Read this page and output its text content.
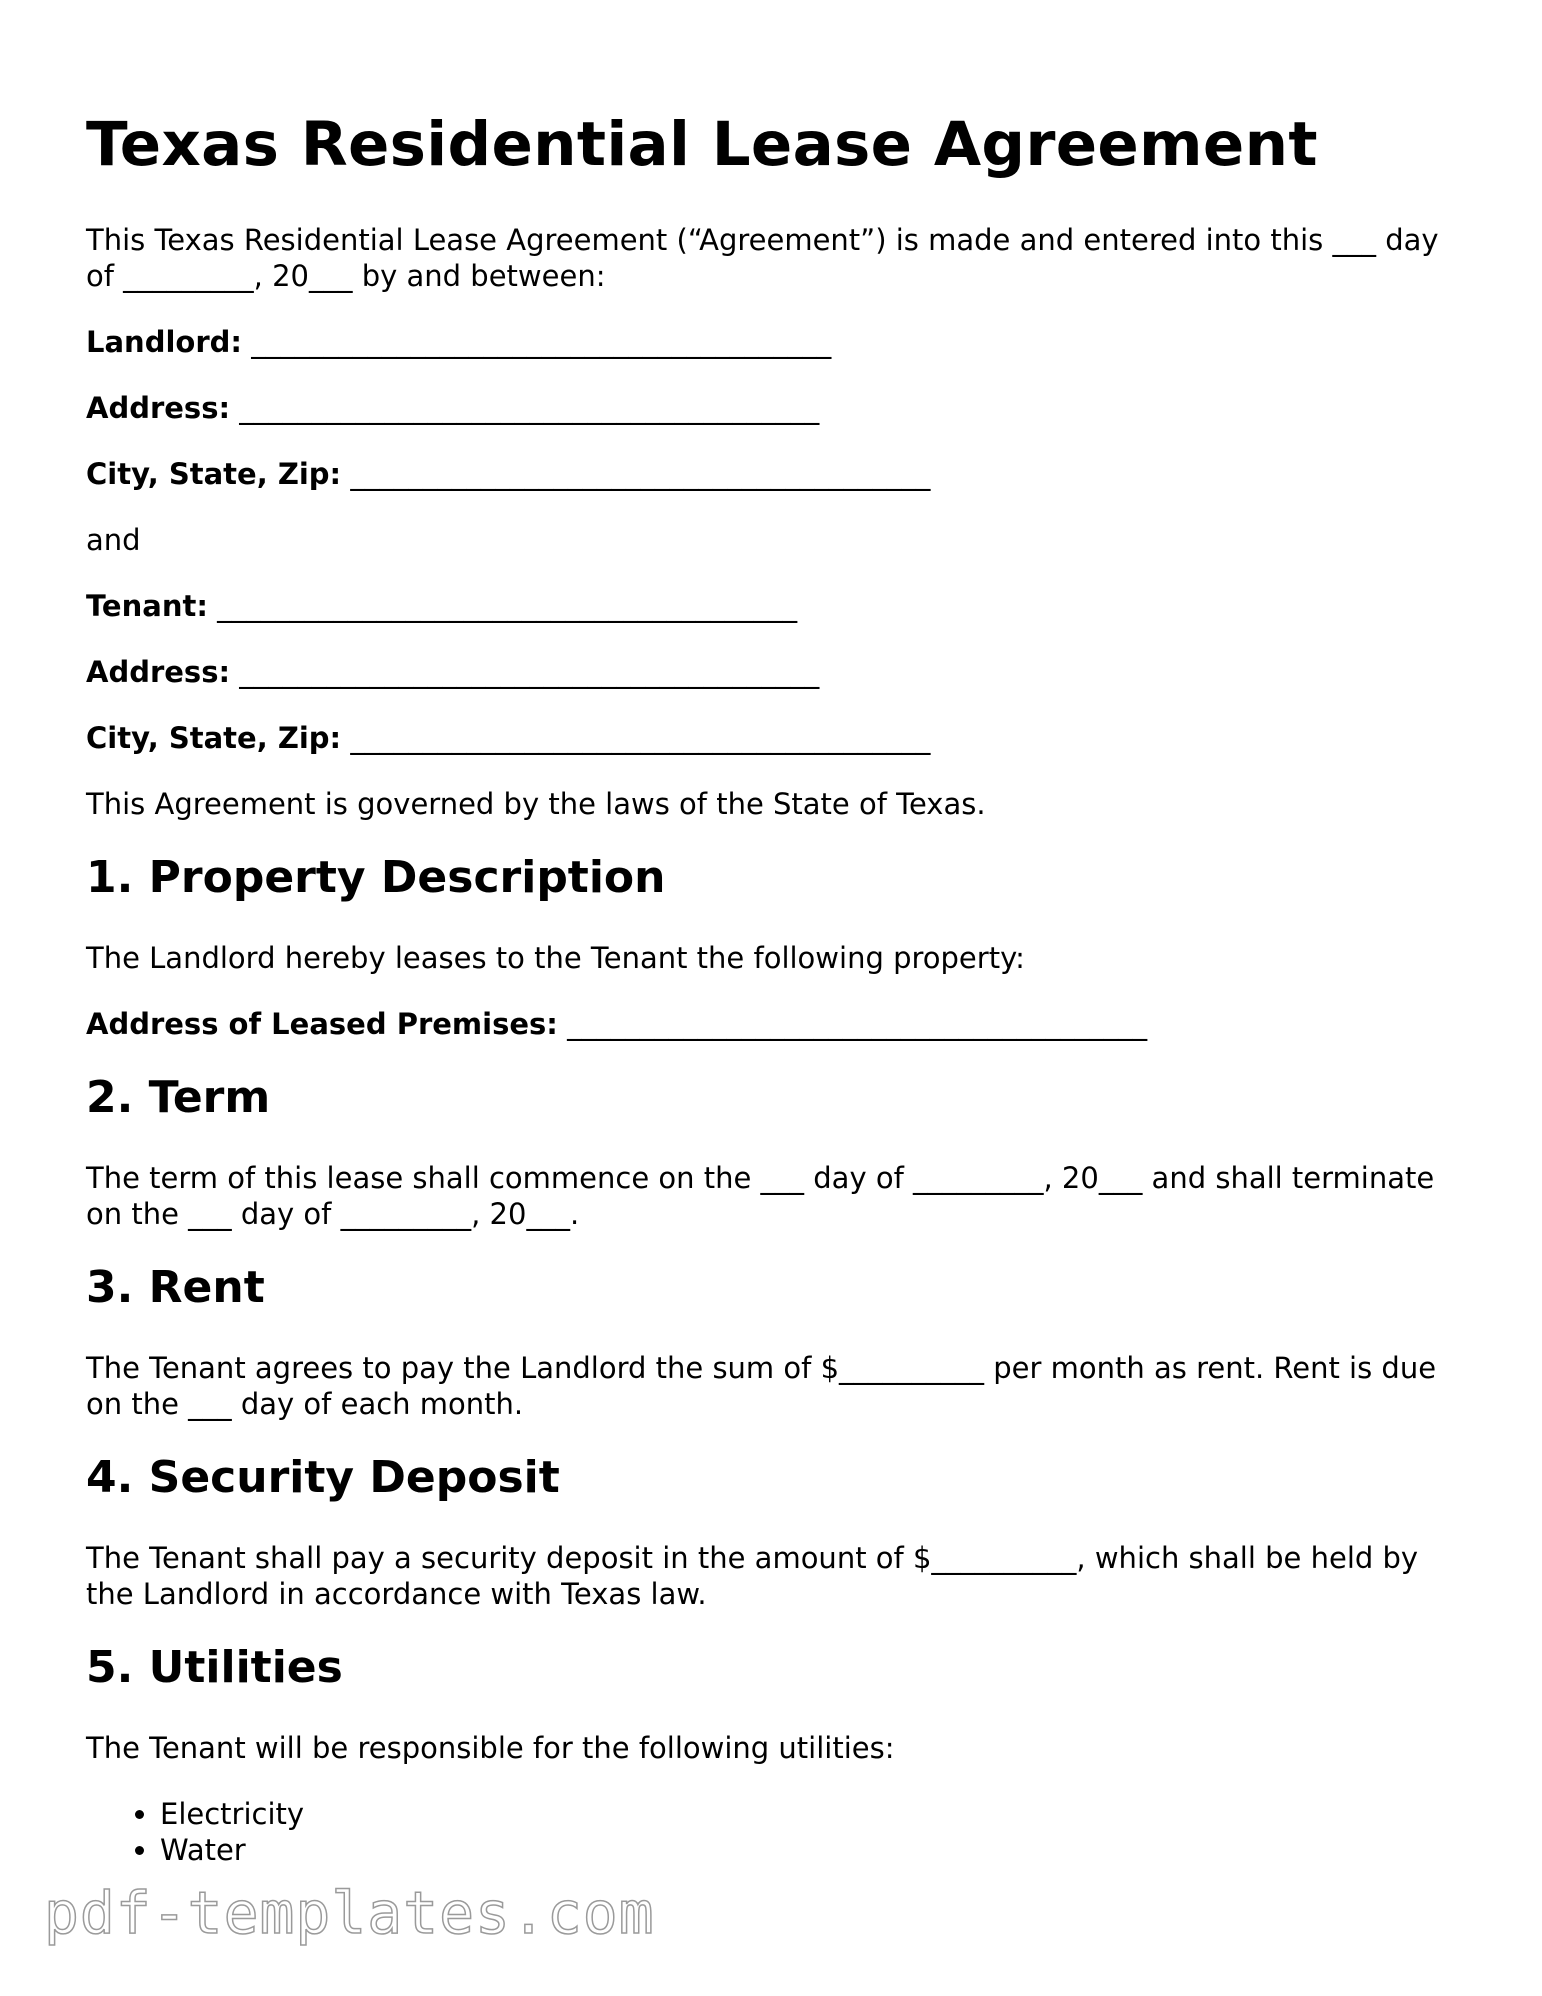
Texas Residential Lease Agreement

This Texas Residential Lease Agreement (“Agreement”) is made and entered into this ___ day of _________, 20___ by and between:

Landlord: ________________________________________
Address: ________________________________________
City, State, Zip: ________________________________________

and

Tenant: ________________________________________
Address: ________________________________________
City, State, Zip: ________________________________________

This Agreement is governed by the laws of the State of Texas.

1. Property Description

The Landlord hereby leases to the Tenant the following property:

Address of Leased Premises: ________________________________________
2. Term

The term of this lease shall commence on the ___ day of _________, 20___ and shall terminate on the ___ day of _________, 20___.

3. Rent

The Tenant agrees to pay the Landlord the sum of $__________ per month as rent. Rent is due on the ___ day of each month.

4. Security Deposit

The Tenant shall pay a security deposit in the amount of $__________, which shall be held by the Landlord in accordance with Texas law.

5. Utilities

The Tenant will be responsible for the following utilities:

• Electricity
• Water
pdf-templates.com
